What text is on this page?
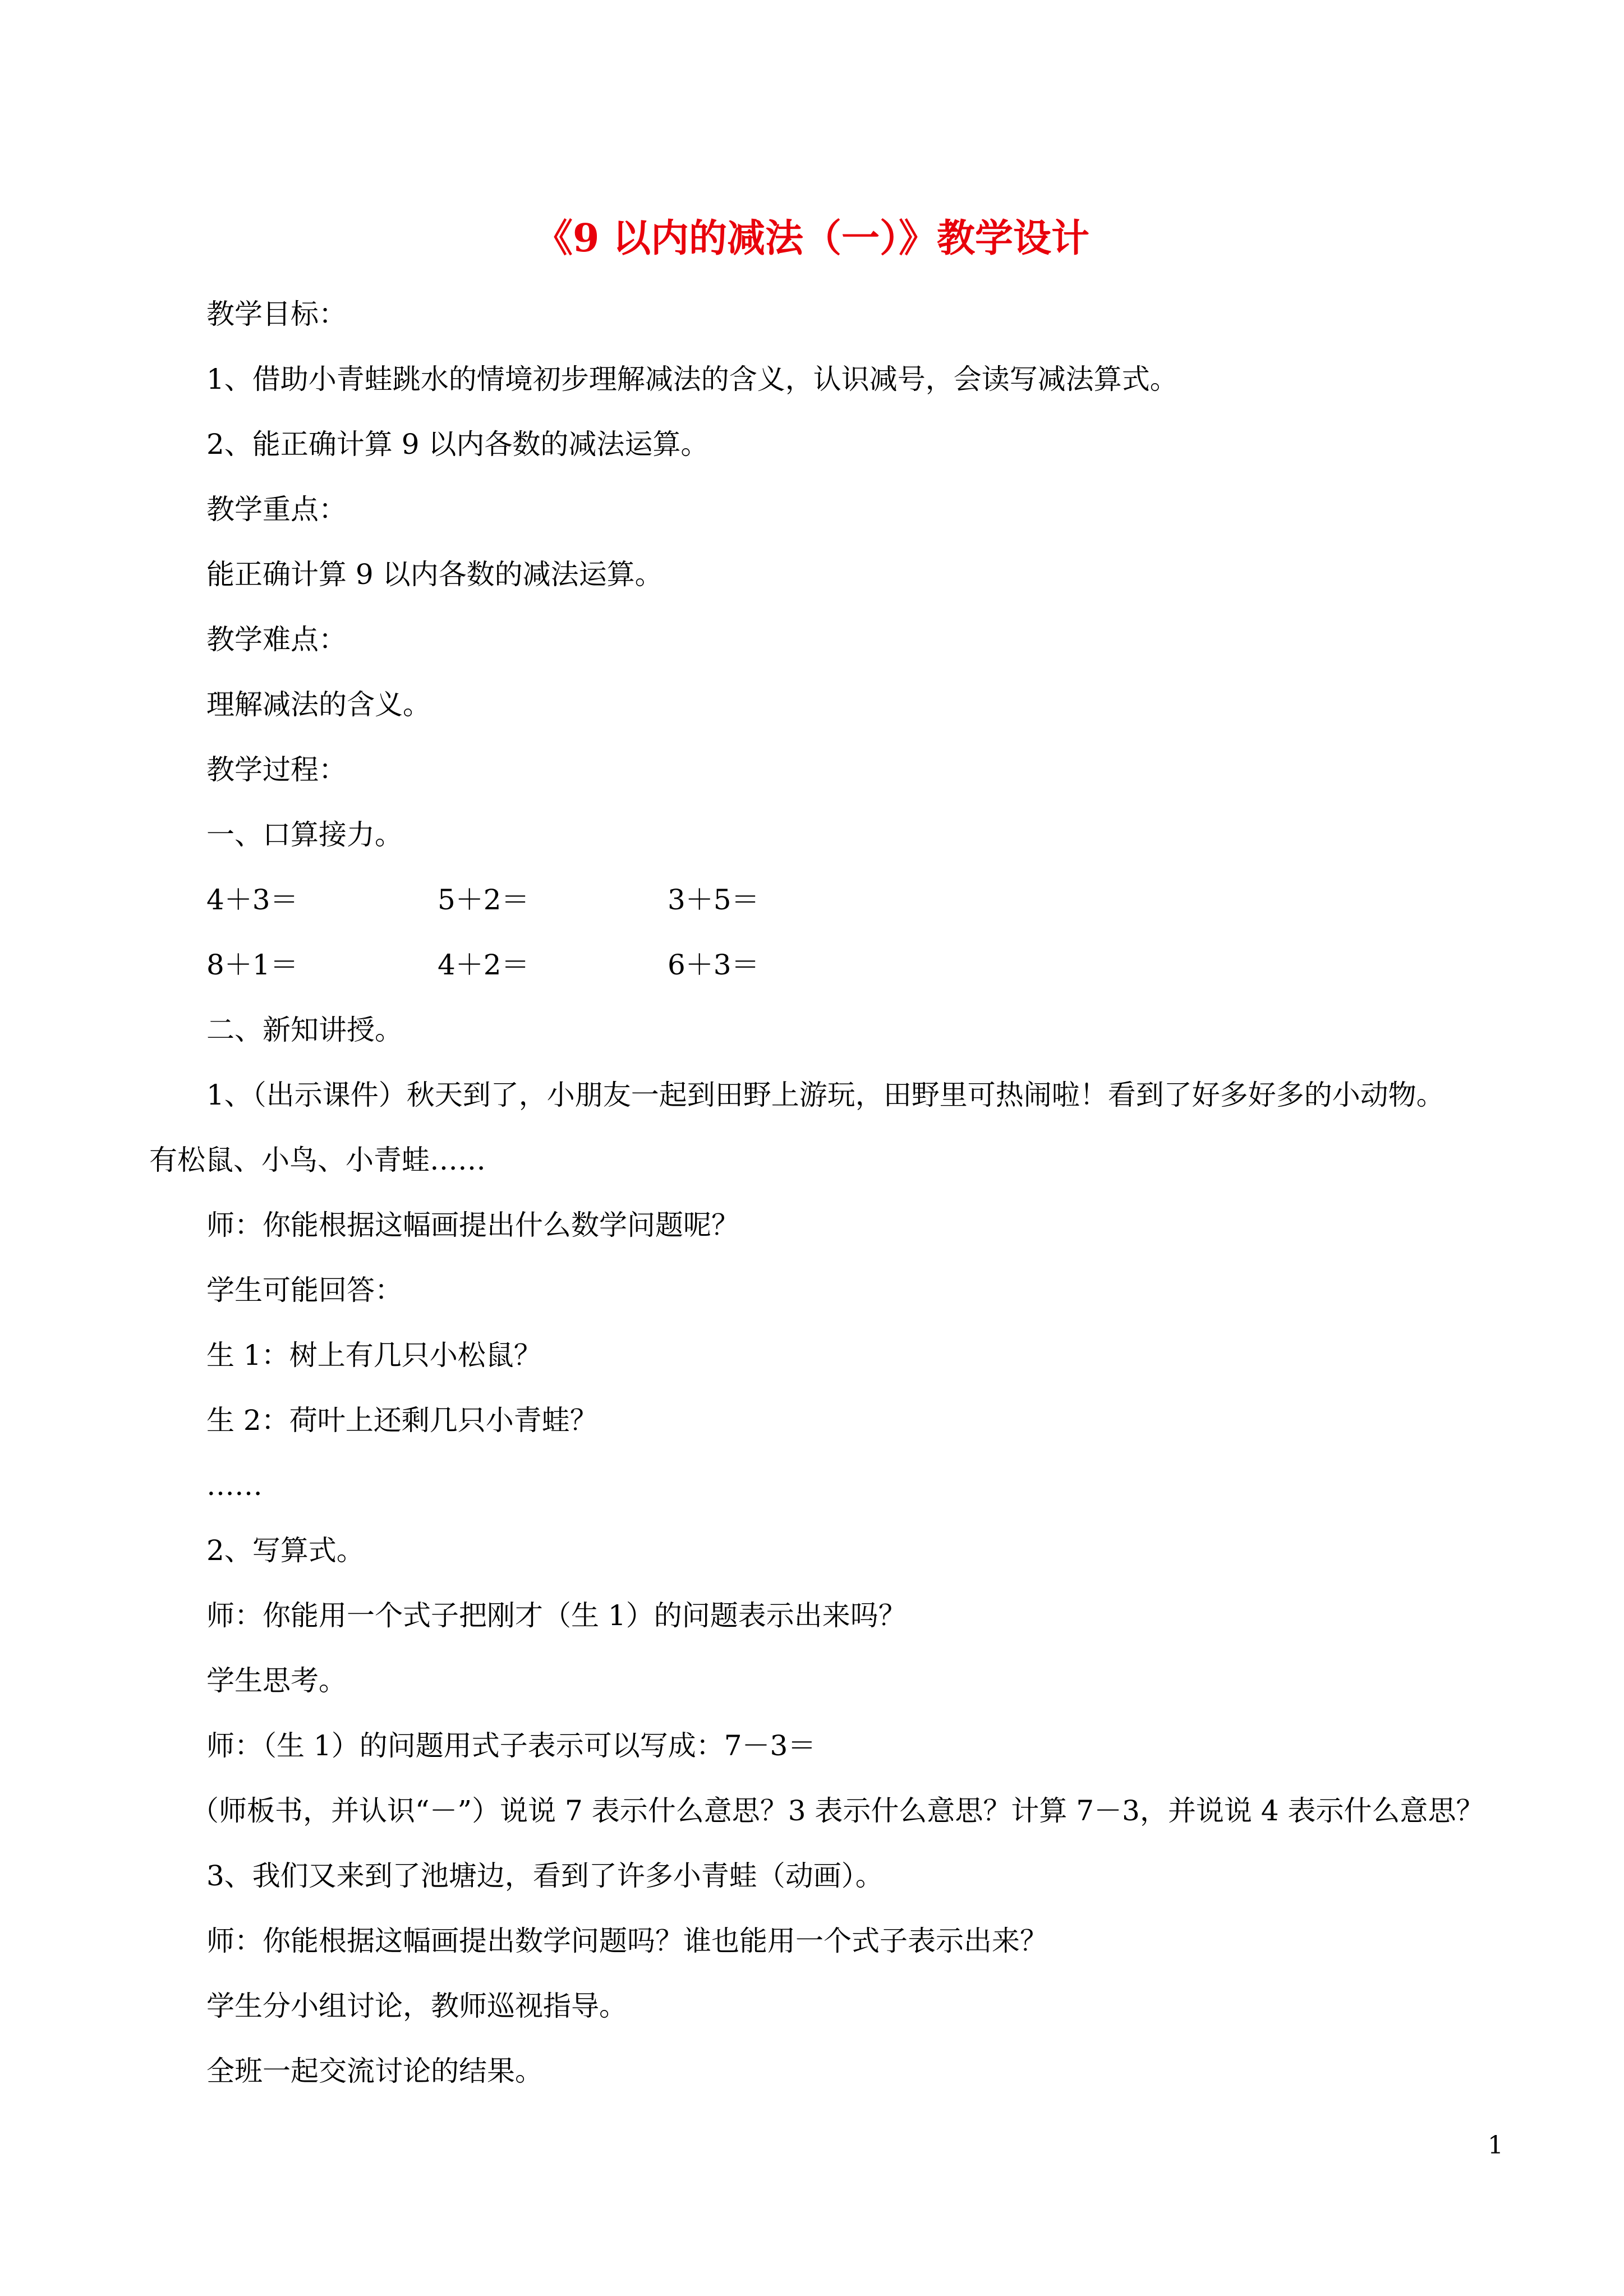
《9 以内的减法（一）》教学设计
教学目标：
1、借助小青蛙跳水的情境初步理解减法的含义，认识减号，会读写减法算式。
2、能正确计算 9 以内各数的减法运算。
教学重点：
能正确计算 9 以内各数的减法运算。
教学难点：
理解减法的含义。
教学过程：
一、口算接力。
4＋3＝	5＋2＝	3＋5＝
8＋1＝	4＋2＝	6＋3＝
二、新知讲授。
1、（出示课件）秋天到了，小朋友一起到田野上游玩，田野里可热闹啦！看到了好多好多的小动物。
有松鼠、小鸟、小青蛙……
师：你能根据这幅画提出什么数学问题呢？
学生可能回答：
生 1：树上有几只小松鼠？
生 2：荷叶上还剩几只小青蛙？
……
2、写算式。
师：你能用一个式子把刚才（生 1）的问题表示出来吗？
学生思考。
师：（生 1）的问题用式子表示可以写成：7－3＝
（师板书，并认识“－”）说说 7 表示什么意思？3 表示什么意思？计算 7－3，并说说 4 表示什么意思？
3、我们又来到了池塘边，看到了许多小青蛙（动画）。
师：你能根据这幅画提出数学问题吗？谁也能用一个式子表示出来？
学生分小组讨论，教师巡视指导。
全班一起交流讨论的结果。
1
